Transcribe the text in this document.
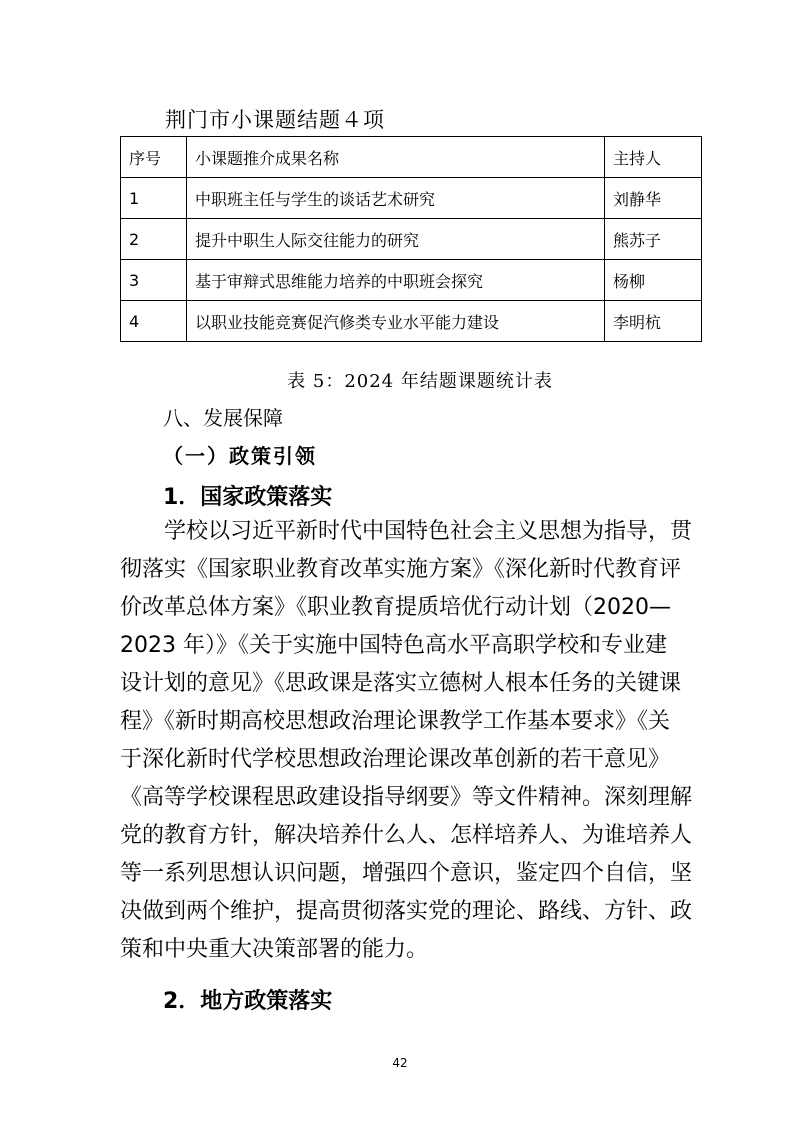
荆门市小课题结题４项
序号	小课题推介成果名称	主持人
1	中职班主任与学生的谈话艺术研究	刘静华
2	提升中职生人际交往能力的研究	熊苏子
3	基于审辩式思维能力培养的中职班会探究	杨柳
4	以职业技能竞赛促汽修类专业水平能力建设	李明杭
表 5：2024 年结题课题统计表
八、发展保障
（一）政策引领
1．国家政策落实
学校以习近平新时代中国特色社会主义思想为指导，贯
彻落实《国家职业教育改革实施方案》《深化新时代教育评
价改革总体方案》《职业教育提质培优行动计划（2020—
2023 年）》《关于实施中国特色高水平高职学校和专业建
设计划的意见》《思政课是落实立德树人根本任务的关键课
程》《新时期高校思想政治理论课教学工作基本要求》《关
于深化新时代学校思想政治理论课改革创新的若干意见》
《高等学校课程思政建设指导纲要》等文件精神。深刻理解
党的教育方针，解决培养什么人、怎样培养人、为谁培养人
等一系列思想认识问题，增强四个意识，鉴定四个自信，坚
决做到两个维护，提高贯彻落实党的理论、路线、方针、政
策和中央重大决策部署的能力。
2．地方政策落实
42
